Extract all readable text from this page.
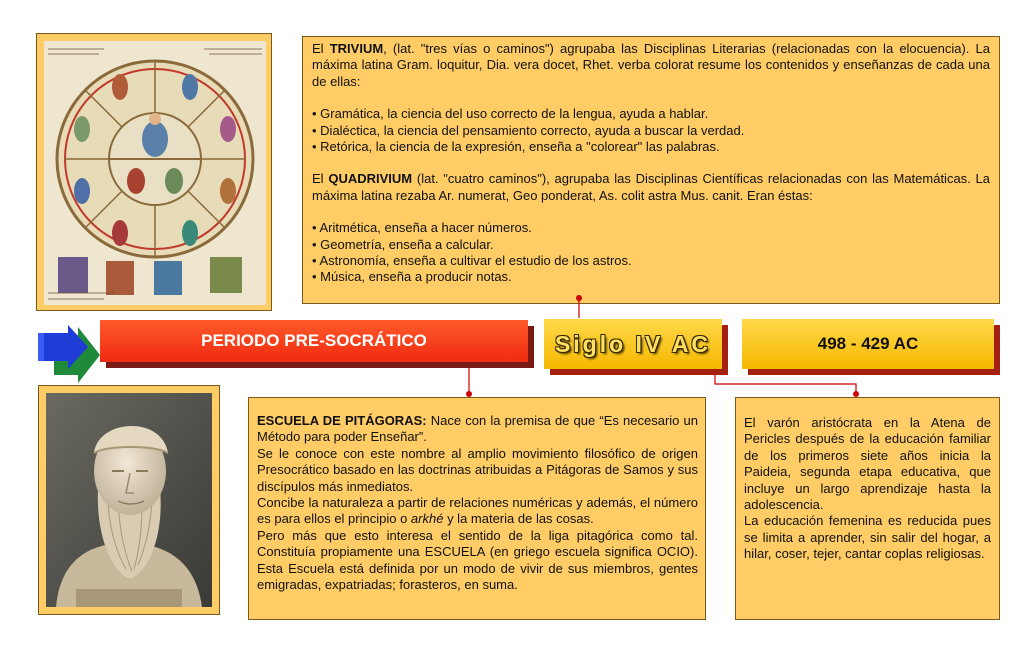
El TRIVIUM, (lat. "tres vías o caminos") agrupaba las Disciplinas Literarias (relacionadas con la elocuencia). La máxima latina Gram. loquitur, Dia. vera docet, Rhet. verba colorat resume los contenidos y enseñanzas de cada una de ellas:

• Gramática, la ciencia del uso correcto de la lengua, ayuda a hablar.
• Dialéctica, la ciencia del pensamiento correcto, ayuda a buscar la verdad.
• Retórica, la ciencia de la expresión, enseña a "colorear" las palabras.

El QUADRIVIUM (lat. "cuatro caminos"), agrupaba las Disciplinas Científicas relacionadas con las Matemáticas. La máxima latina rezaba Ar. numerat, Geo ponderat, As. colit astra Mus. canit. Eran éstas:

• Aritmética, enseña a hacer números.
• Geometría, enseña a calcular.
• Astronomía, enseña a cultivar el estudio de los astros.
• Música, enseña a producir notas.
PERIODO PRE-SOCRÁTICO	Siglo IV AC	498 - 429 AC

ESCUELA DE PITÁGORAS: Nace con la premisa de que “Es necesario un Método para poder Enseñar”.

Se le conoce con este nombre al amplio movimiento filosófico de origen Presocrático basado en las doctrinas atribuidas a Pitágoras de Samos y sus discípulos más inmediatos.

Concibe la naturaleza a partir de relaciones numéricas y además, el número es para ellos el principio o arkhé y la materia de las cosas.

Pero más que esto interesa el sentido de la liga pitagórica como tal. Constituía propiamente una ESCUELA (en griego escuela significa OCIO). Esta Escuela está definida por un modo de vivir de sus miembros, gentes emigradas, expatriadas; forasteros, en suma.

El varón aristócrata en la Atena de Pericles después de la educación familiar de los primeros siete años inicia la Paideia, segunda etapa educativa, que incluye un largo aprendizaje hasta la adolescencia.

La educación femenina es reducida pues se limita a aprender, sin salir del hogar, a hilar, coser, tejer, cantar coplas religiosas.
